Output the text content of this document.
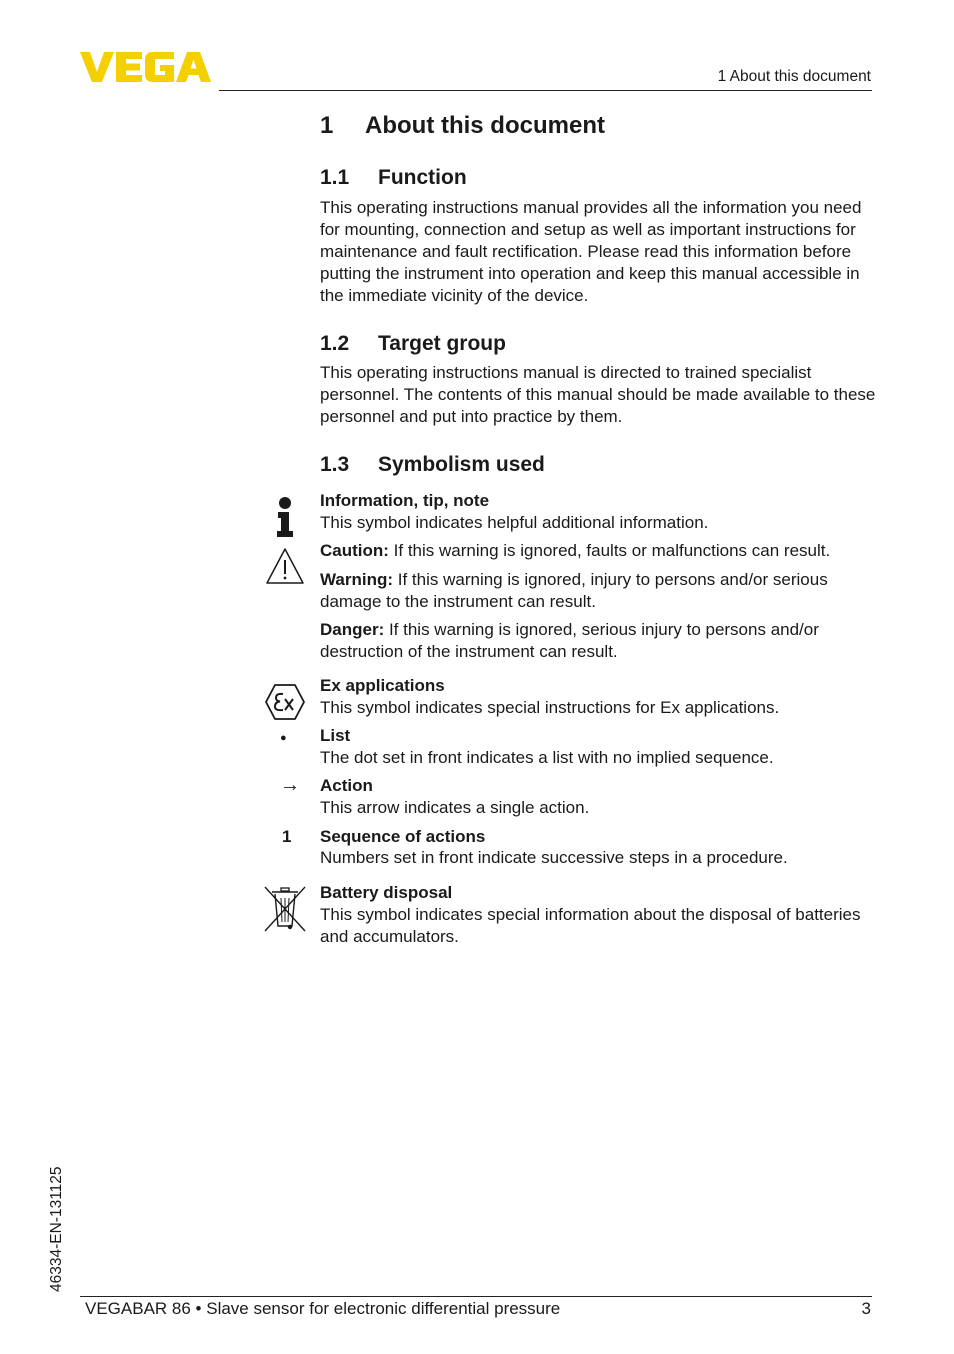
1 About this document
1 About this document
1.1 Function

This operating instructions manual provides all the information you need for mounting, connection and setup as well as important instructions for maintenance and fault rectification. Please read this information before putting the instrument into operation and keep this manual accessible in the immediate vicinity of the device.

1.2 Target group

This operating instructions manual is directed to trained specialist personnel. The contents of this manual should be made available to these personnel and put into practice by them.

1.3 Symbolism used

Information, tip, note

This symbol indicates helpful additional information.

Caution: If this warning is ignored, faults or malfunctions can result.

Warning: If this warning is ignored, injury to persons and/or serious damage to the instrument can result.

Danger: If this warning is ignored, serious injury to persons and/or destruction of the instrument can result.

Ex applications

This symbol indicates special instructions for Ex applications.

● List

The dot set in front indicates a list with no implied sequence.

→ Action

This arrow indicates a single action.

1 Sequence of actions

Numbers set in front indicate successive steps in a procedure.

Battery disposal

This symbol indicates special information about the disposal of batteries and accumulators.

46334-EN-131125
VEGABAR 86 • Slave sensor for electronic differential pressure	3
